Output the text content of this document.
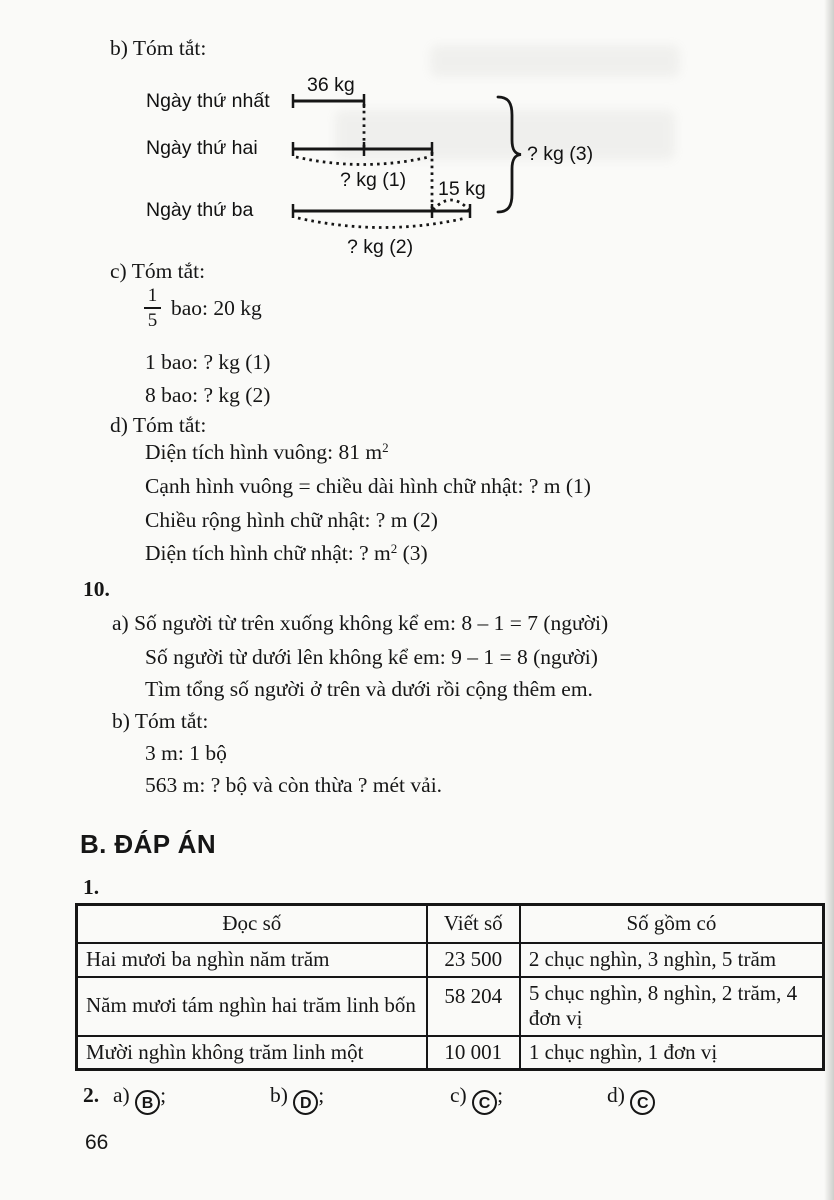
b) Tóm tắt:
Ngày thứ nhất
Ngày thứ hai
Ngày thứ ba
36 kg
? kg (1) 15 kg
? kg (2)
? kg (3)
c) Tóm tắt:
$\frac{1}{5}$ bao: 20 kg
1 bao: ? kg (1)
8 bao: ? kg (2)
d) Tóm tắt:
Diện tích hình vuông: 81 $m^2$
Cạnh hình vuông = chiều dài hình chữ nhật: ? m (1)
Chiều rộng hình chữ nhật: ? m (2)
Diện tích hình chữ nhật: ? $m^2$ (3)
10.
a) Số người từ trên xuống không kể em: 8 – 1 = 7 (người)
Số người từ dưới lên không kể em: 9 – 1 = 8 (người)
Tìm tổng số người ở trên và dưới rồi cộng thêm em.
b) Tóm tắt:
3 m: 1 bộ
563 m: ? bộ và còn thừa ? mét vải.
B. ĐÁP ÁN
1.
Đọc số	Viết số	Số gồm có
Hai mươi ba nghìn năm trăm	23 500	2 chục nghìn, 3 nghìn, 5 trăm
Năm mươi tám nghìn hai trăm linh bốn	58 204	5 chục nghìn, 8 nghìn, 2 trăm, 4 đơn vị
Mười nghìn không trăm linh một	10 001	1 chục nghìn, 1 đơn vị
2. a) B ;	b) D ;	c) C ;	d) C
66
